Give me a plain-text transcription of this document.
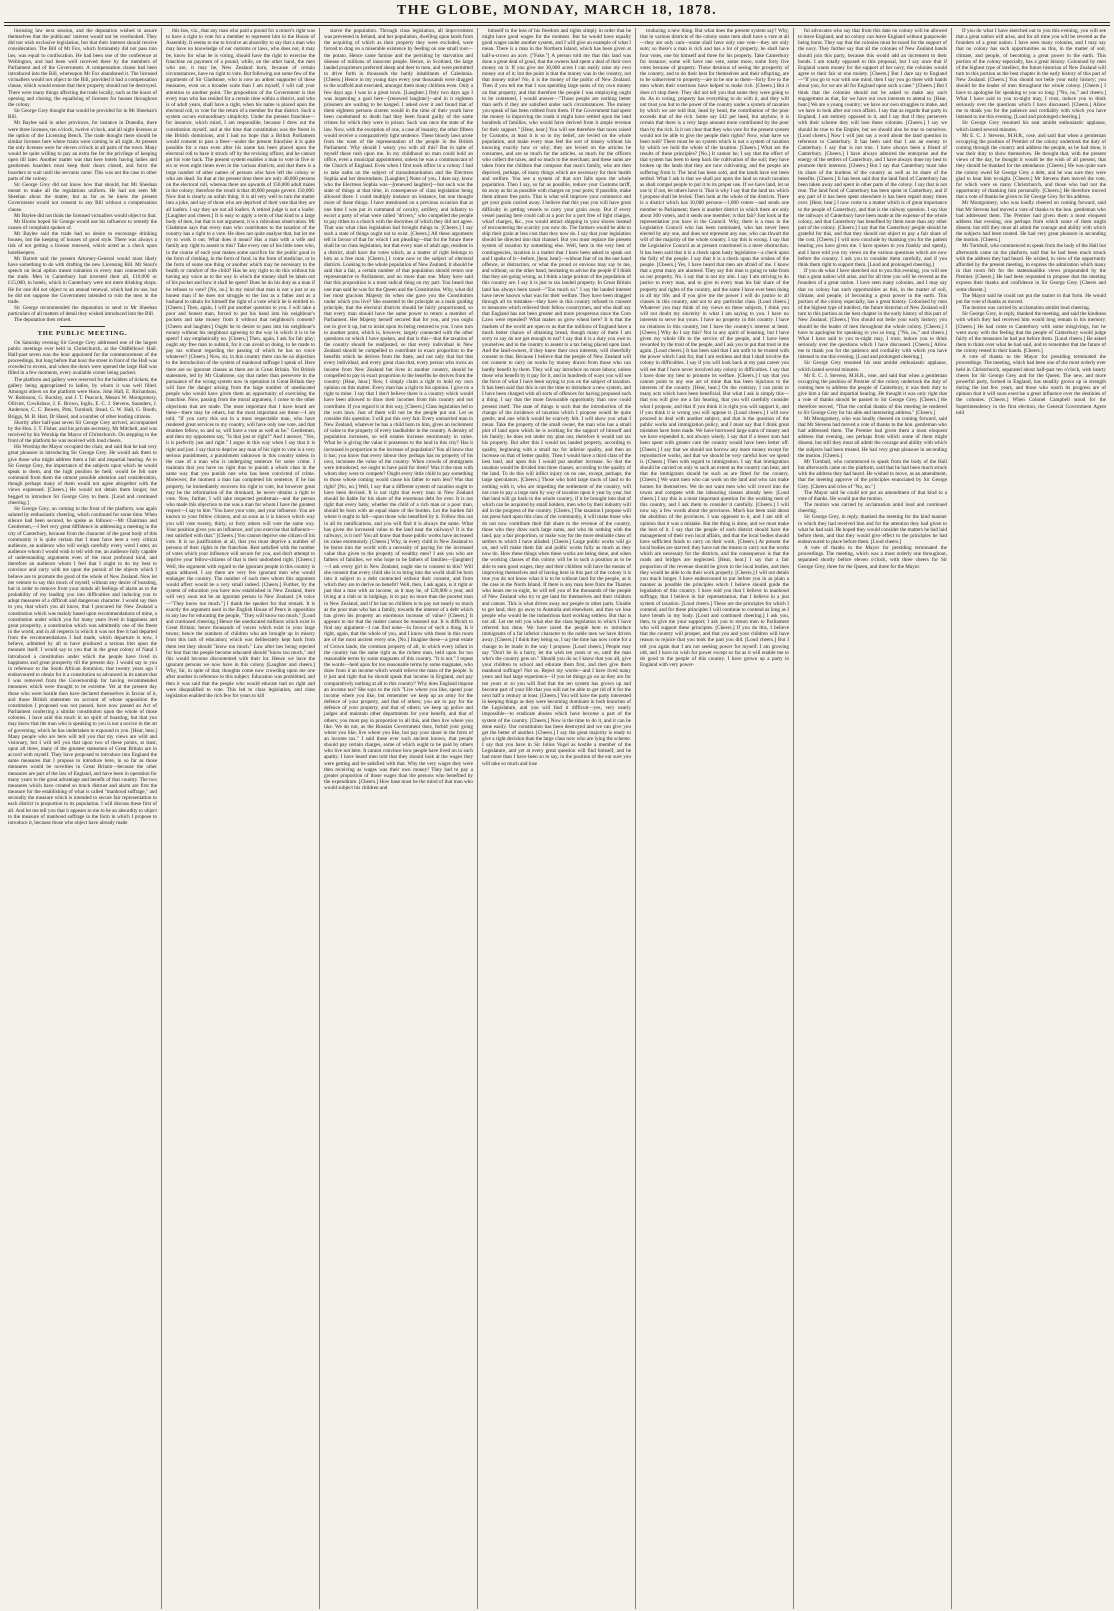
THE GLOBE, MONDAY, MARCH 18, 1878.

licensing law next session, and the deputation wished to assure themselves that the publicans' interest would not be overlooked. They did not wish exclusive legislation, but that their interest should receive consideration. The Bill of Mr Fox, which fortunately did not pass into law, was equal to confiscation. He had been one of the conference at Wellington, and had been well received there by the members of Parliament and of the Government. A compensation clause had been introduced into the Bill, whereupon Mr Fox abandoned it. The licensed victuallers would not object to the Bill, provided it had a compensation clause, which would ensure that their property should not be destroyed. There were many things affecting the trade locally, such as the hours of opening and closing, the equalising of licenses for houses throughout the colony.

Sir George Grey thought that would be provided for in Mr Sheehan's Bill.

Mr Baylee said in other provinces, for instance in Dunedin, there were three licenses, ten o'clock, twelve o'clock, and all night licenses at the option of the Licensing Bench. The trade thought there should be similar licenses here where trains were coming in all night. At present the only licenses were for eleven o'clock in all parts of the town. Many would be quite willing to pay an extra fee for the privilege of keeping open till later. Another matter was that here hotels having ladies and gentlemen boarders must keep their doors closed, and force the boarders to wait until the servants came. This was not the case in other parts of the colony.

Sir George Grey did not know how that should, but Mr Sheehan meant to make all the regulations uniform. He had not seen Mr Sheehan about the matter, but as far as he knew the present Government would not consent to any Bill without a compensation clause.

Mr Baylee did not think the licensed victuallers would object to that.

Mr Hiorns hoped Sir George would use his influence to remedy the causes of complaint spoken of.

Mr Baylee said the trade had no desire to encourage drinking houses, but the keeping of houses of good style. There was always a risk of not getting a license renewed, which acted as a check upon hotelkeepers.

Mr Barrett said the present Attorney-General would most likely have something to do with drafting the new Licensing Bill. Mr Stout's speech on local option meant ruination to every man connected with the trade. Men in Canterbury had invested their all, £10,000 or £15,000, in hotels, which in Canterbury were not mere drinking shops. He for one did not object to an annual renewal, which had its use, but he did not suppose the Government intended to ruin the men in the trade.

Sir George recommended the deputation to send to Mr Sheehan particulars of all matters of detail they wished introduced into the Bill.

The deputation then retired.

THE PUBLIC MEETING.

On Saturday evening Sir George Grey addressed one of the largest public meetings ever held in Christchurch, at the Oddfellows' Hall. Half-past seven was the hour appointed for the commencement of the proceedings, but long before that hour the street in front of the Hall was crowded to excess, and when the doors were opened the large Hall was filled in a few moments, every available corner being packed.

The platform and gallery were reserved for the holders of tickets, the gallery being appropriated to ladies, by whom it was well filled. Amongst others on the platform were Hons. John Hall, E. Richardson, W. Robinson, G. Buckley, and J. T. Peacock, Messrs W. Montgomery, Ollivier, Cowlishaw, J. E. Brown, Inglis, E. C. J. Stevens, Saunders, J. Anderson, C. C. Bowen, Pitts, Turnbull, Stead, G. W. Hall, G. Booth, Briggs, M. B. Hart, Dr Hasel, and a number of other leading citizens.

Shortly after half-past seven Sir George Grey arrived, accompanied by the Hon. J. T. Fisher, and his private secretary, Mr Mitchell, and was received by his Worship the Mayor of Christchurch. On stepping to the front of the platform he was received with loud cheers.

His Worship the Mayor occupied the chair, and said that he had very great pleasure in introducing Sir George Grey. He would ask them to give those who might address them a fair and impartial hearing. As to Sir George Grey, the importance of the subjects upon which he would speak to them, and the high position he held, would be felt sure command from them the utmost possible attention and consideration, though perhaps many of them would not agree altogether with the views expressed. [Cheers.] He would not detain them longer, but begged to introduce Sir George Grey to them. [Loud and continued cheering.]

Sir George Grey, on coming to the front of the platform, was again saluted by enthusiastic cheering, which continued for some time. When silence had been secured, he spoke as follows:—Mr Chairman and Gentlemen,—I feel very great diffidence in addressing a meeting in the city of Canterbury, because from the character of the great body of this community it is quite certain that I must have here a very critical audience, an audience who will weigh carefully every word I utter, an audience whom I would wish to tell with me, an audience fully capable of understanding arguments even of the most profound kind, and therefore an audience whom I feel that I ought to do my best to convince and carry with me upon the pursuit of the objects which I believe are to promote the good of the whole of New Zealand. Now let me venture to say this much of myself, without any desire of boasting, but in order to remove from your minds all feelings of alarm as to the probability of my leading you into difficulties and inducing you to adopt measures of a difficult and dangerous character. I would say then to you, that which you all know, that I procured for New Zealand a constitution which was mainly based upon recommendations of mine, a constitution under which you for many years lived in happiness and great prosperity, a constitution which was admittedly one of the freest in the world, and in all respects in which it was not free it had departed from the recommendations I had made, which departure is now, I believe, admitted by all to have produced a serious blot upon the measure itself. I would say to you that in the great colony of Natal I introduced a constitution under which the people have lived in happiness and great prosperity till the present day. I would say to you in reference to the South African dominion, that twenty years ago I endeavoured to obtain for it a constitution so advanced in its nature that I was removed from the Governorship for having recommended measures which were thought to be extreme. Yet at the present day those who were hostile then have declared themselves in favour of it, and those British statesmen on account of whose opposition the constitution I proposed was not passed, have now passed an Act of Parliament conferring a similar constitution upon the whole of those colonies. I have said this much in no spirit of boasting, but that you may know that the man who is speaking to you is not a novice in the art of governing, which he has undertaken to expound to you. [Hear, hear.] Many people who are here will tell you that my views are wild and visionary, but I will tell you that upon two of these points, at least, upon all three, many of the greatest statesmen of Great Britain are in accord with myself. They have proposed to introduce into England the same measures that I propose to introduce here, in so far as those measures would be novelties in Great Britain—because the other measures are part of the law of England, and have been in operation for many years to the great advantage and benefit of that country. The two measures which have created so much distrust and alarm are first the measure for the establishing of what is called "manhood suffrage," and secondly the measure which is intended to secure fair representation to each district in proportion to its population. I will discuss these first of all. And let me tell you that it appears to me to be an absurdity to object to the measure of manhood suffrage in the form in which I propose to introduce it, because those who object have already made

this law, viz., that any man who paid a pound for a miner's right was to have a right to vote for a member to represent him in the House of Assembly. It seems to me to involve an absurdity to say that a man who may have no knowledge of our customs or laws, who does not, it may be, know for what he is voting, should have the right to exercise the franchise on payment of a pound, while, on the other hand, the men who are, it may be, New Zealand born, because of certain circumstances, have no right to vote. But following out some few of the arguments of Sir Gladstone, who is now an ardent supporter of these measures, even on a broader scale than I am myself, I will call your attention to another point. The proposition of the Government is that every man who has resided for a certain time within a district, and who is of adult years, shall have a right, when his name is placed upon the electoral roll, to vote for the return of a member for that district. Such a system occurs extraordinary simplicity. Under the present franchise—for instance, which mind, I am responsible, because I drew out the constitution myself, and at the time that constitution was the freest in the British dominions, and I had no hope that a British Parliament would consent to pass a freer—under the present franchise it is quite possible for a man even after his name has been placed upon the electoral roll to have it struck off by the revising officer, and he cannot get his vote back. The present system enables a man to vote in five or six or even eight times even in the various districts, and that there is a large number of other names of persons who have left the colony or who are dead. So that at the present time there are only 40,000 persons on the electoral roll, whereas there are upwards of 150,000 adult males in the colony; therefore the result is that 40,000 people govern 150,000. Now that is clearly an unfair thing. It is all very well to turn the matter into a joke, and say of those who are deprived of their vote that they are all loafers. I say they are not all loafers. A retired judge is not a loafer. [Laughter and cheers.] It is easy to apply a term of that kind to a large body of men, but that is not argument, it is a ridiculous observation. Mr Gladstone says that every man who contributes to the taxation of the country has a right to a vote. He does not quite analyse that, but let me try to work it out. What does it mean? Has a man with a wife and family any right to assent to this? Take every one of his little ones who, in the course of each year makes some sacrifice for the public good in the form of clothing, in the form of food, in the form of medicine, or in the form of some one thing or another which may be necessary to the health or comfort of the child? Has he any right to do this without his having any voice as to the way in which the money shall be taken out of his pocket and how it shall be spent? Does he do his duty as a man if he refuses to vote? [No, no.] In my mind that man is not a just or an honest man if he does not struggle to the last as a father and as a husband to obtain for himself the right of a vote which he is entitled to. [Cheers.] Then, again, I will put another question to you. I will take a poor and honest man, forced to put his hand into his neighbour's pockets and take money from it without that neighbour's consent? [Cheers and laughter.] Ought he to desire to pass into his neighbour's money without his neighbour agreeing to the way in which it is to be spent? I say emphatically no. [Cheers.] Then, again, I ask for fair play; ought any free man to submit, for it can avoid so doing, to be made to pay tax without regarding the passing of which he has no voice whatever? [Cheers.] Now, sir, in this country there can be no objection to the introduction of the system of manhood suffrage I speak of. Here there are no ignorant classes as there are in Great Britain. Yet British statesmen, led by Mr Gladstone, say that rather than persevere in the pursuance of the wrong system now in operation in Great Britain they will face the danger arising from the large number of uneducated people who would have given them an opportunity of exercising the franchise. Now, passing from the moral argument, I come to the other objections that are made. The most important that I have heard are these—there may be others, but the most important are these:—I am told, "If you carry this out in a most respectable man, who have rendered great services to my country, will have only one vote, and that drunken fellow, so and so, will have a vote as well as he." Gentlemen, and then my opponents say, "Is that just or right?" And I answer, "Yes, it is perfectly just and right." I argue in this way when I say that it is right and just. I say that to deprive any man of his right to vote is a very serious punishment, a punishment unknown in this country unless in the case of a man who is undergoing sentence for some crime. I maintain that you have no right thus to punish a whole class in the same way that you punish one who has been convicted of crime. Moreover, the moment a man has completed his sentence, if he has property, he immediately recovers his right to vote, but however great may be the reformation of the drunkard, he never obtains a right to vote. Now, further, I will take respected gentleman—and the person who made this objection to me was a man for whom I have the greatest respect—I say to him "You have your vote, and your influence. You are known to your fellow citizens, and as soon as it is known which way you will vote twenty, thirty, or forty others will vote the same way. Your position gives you an influence, and you exercise that influence—rest satisfied with that." [Cheers.] You cannot deprive one citizen of his vote. It is no justification at all, that you must deprive a number of persons of their rights to the franchise. Rest satisfied with the number of votes which your influence will secure for you, and don't attempt to deprive your fellow-citizens of that is their undoubted right. [Cheers.] Well, the argument with regard to the ignorant people in this country is again adduced. I say there are very few ignorant men who would endanger the country. The number of such men whom this argument would affect would be a very small indeed. [Cheers.] Further, by the system of education you have now established in New Zealand, there will very soon not be an ignorant person in New Zealand. [A voice—"They know too much."] I thank the speaker for that remark. It is exactly the argument used in the English House of Peers in opposition to any law for educating the people, "They will know too much." [Loud and continued cheering.] Hence the uneducated millions which exist in Great Britain; hence thousands of voices which exist in your large towns; hence the numbers of children who are brought up in misery from this lack of education; which was deliberately kept back from them lest they should "know too much." Law after law being rejected for fear that the people become educated should "know too much," and this would become discontented with their lot. Hence we have the ignorant persons we now have in this colony [Laughter and cheers.] Why, Sir, in spite of that, thoughts come now crowding upon me one after another in reference to this subject. Education was prohibited, and then it was said that the people who would educate had no right and were disqualified to vote. This led to class legislation, and class legislation enabled the rich few for years to kill

starve the population. Through class legislation, all improvement was prevented in Ireland, and her population, dwelling upon lands from the acquiring of which as their property they were excluded, were forced to drag on a miserable existence by feeding on one small root—the potato. Hence came famine and the perishing by starvation and disease of millions of innocent people. Hence, in Scotland, the large landed proprietors preferred sheep and deer to men, and were permitted to drive forth in thousands the hardy inhabitants of Caledonia. [Cheers.] Hence in my young days every year thousands were dragged to the scaffold and executed, amongst them many children even. Only a few days ago I was in a great town. [Laughter.] Only two days ago I was inspecting a gaol here—[renewed laughter]—and in it eighteen prisoners are waiting to be hanged. I asked over it and found that of them eighteen persons sixteen would in the time of their youth have been condemned to death had they been found guilty of the same crimes for which they were in prison. Such was once the state of the law. Now, with the exception of one, a case of insanity, the other fifteen would receive a comparatively light sentence. These bloody laws arose from the want of the representation of the people in the British Parliament. Why should I weary you with all this? But in spite of myself these rush upon me. In my childhood no man could hold an office, even a municipal appointment, unless he was a communicant of the Church of England. Even when I first took office in a colony I had to take oaths on the subject of transubstantiation and the Electress Sophia and her descendants. [Laughter.] None of you, I dare say, know who the Electress Sophia was—[renewed laughter]—but such was the state of things at that time, in consequence of class legislation being allowed there. I could multiply instance on instance, but one thought more of these things. I have mentioned on a previous occasion that at one time I was put in command of cavalry, artillery, and infantry to escort a party of what were called "drivers," who compelled the people to pay tithes to a church with the doctrines of which they did not agree. That was what class legislation had brought things to. [Cheers.] I say such a state of things ought not to exist. [Cheers.] All these arguments tell in favour of that for which I am pleading—that for the future there shall be no class legislation, but that every man of adult age, resident in a district, shall have the votes which, as a matter of right belongs to him as a free man. [Cheers.] I come now to the subject of electoral districts. Looking to the whole population of New Zealand, it should be said that a fair, a certain number of that population should return one representative to Parliament, and no more than one. Many have said that this proposition is a most radical thing on my part. You heard that one man said he was for the Queen and the Constitution. Why, what did her most gracious Majesty do when she gave you the Constitution under which you live? She assented to the principle as a main guiding principle, that the electoral districts should be fairly proportioned, so that every man should have the same power to return a member of Parliament. Her Majesty herself secured that for you, and you ought not to give it up, but to insist upon its being restored to you. I now turn to another point, which is, however, largely connected with the other questions on which I have spoken, and that is this—that the taxation of the country should be readjusted, so that every individual in New Zealand should be compelled to contribute in exact proportion to the benefits which he derives from the State, and not only that but that every individual, and every great class that, every person who owns an income from New Zealand but lives in another country, should be compelled to pay in exact proportion to the benefits he derives from the country. [Hear, hear.] Now, I simply claim a right to hold my own opinion on this matter. Every man has a right to his opinion. I give no a right to mine. I say that I don't believe there is a country which would have been allowed to draw their incomes from this country and not contribute. If you regard it in this way, [Cheers.] Class legislation led to the corn laws. Just of them will not be the people put out. Let us consider this question. I will put this very fair. Every unmarried man in New Zealand, whatever he has a child born to him, gives an incitement of value to the property of every landholder in the country. A density of population increases, so will estates increase enormously in value. What he is giving the value it possesses to the land in this city? Has it increased in proportion to the increase of population? You all know that it has; you know that every labour they perhaps has no property of his own, increases the value of the country. When crowds of immigrants were introduced, we ought to have paid for them? Was it the man with whom they were to compete? Ought every little child to pay something to those whose coming would cause his father to earn less? Was that right? [No, no.] Well, I say that a different system of taxation ought to have been devised. It is not right that every man in New Zealand should be liable for his share of the enormous debt for ever. It is not right that every baby, whether the child of a rich man or a poor man, should be born with an equal share of the burden. Let the burden fall where it ought to fall—upon those who benefited by it. Follow this out in all its ramifications, and you will find it is always the same. What has given the increased value to the land near the railways? It is the railways, is it not? You all know that those public works have increased its value enormously. [Cheers.] Why, in every child in New Zealand to be borne into the world with a necessity of paying for the increased value thus given to the property of wealthy men? I ask you who are fathers of families, we who hope to be fathers of families—[laughter]—I ask every girl in New Zealand, ought she to consent to this? Will she consent that every child she is to bring into the world shall be born into it subject to a debt contracted without their consent, and from which they are to derive no benefit? Well, then, I ask again, is it right or just that a man with an income, as it may be, of £20,000 a year, and living at a club or in lodgings, is to pay no more than the poorest man in New Zealand, and if he has no children is to pay not nearly so much as the poor man who has a family, towards the interest of a debt which has given his property an enormous increase of value? [Cheers.] It appears to me that the matter cannot be reasoned out. It is difficult to find any argument—I can find none—in favour of such a thing. Is it right, again, that the whole of you, and I know with those in this room are of the most ancient every one, [No.] Imagine these—a great estate of Crown lands, the common property of all, in which every infant in the country has the same right as the richest man, held upon far too reasonable terms by some magnates of this country. "It is not." I repeat the words—held upon for too reasonable terms by some magnates, who draw from it an income which would relieve the mass of the people. Is it just and right that he should speak that income in England, and pay comparatively nothing at all to this country? Why does England impose an income tax? She says to the rich "Live where you like, spend your income where you like, but remember we keep up an army for the defence of your property, and that of others; you are to pay for the defence of your property, and that of others; we keep up police and judges and maintain other departments for your benefit, and that of others; you must pay in proportion to all this, and then live where you like. We do not, as the Russian Government does, forbid your going where you like; live where you like, but pay your share in the form of an income tax." I said these ever such ancient known, that people should pay certain charges, some of which ought to be paid by others who live not here. It cannot convince how people have lived on in such apathy. I have heard men told that they should look at the wages they were getting and be satisfied with that. Why the very wages they were then receiving as wages was their own money! They had to pay a greater proportion of those wages than the persons who benefited by the expenditure. [Cheers.] How base must be the mind of that man who would subject his children and

himself to the loss of his freedom and rights simply in order that he might have good wages for the moment. But he would have equally good wages under another system, and I will give an example of what I mean. There is a man in the Northern Island, which has been given at half-a-crown an acre. ["Fake."] A person told me that this land was done a great deal of good, that the owners had spent a deal of their own money on it. If you give me 30,000 acres I can easily raise my own money out of it; but the point is that the money was in the country, not that money mine? No, it is the money of the public of New Zealand. Then if you tell me that I was spending large sums of my own money on that property, and that therefore the people I was employing ought to be contented, I would answer—"Those people are nothing better than serfs if they are satisfied under such circumstances. The money you speak of has been robbed from them. If the Government had spent the money in improving the roads it might have settled upon the land hundreds of families, who would have derived from it ample revenue for their support." [Hear, hear.] You will see therefore that taxes raised by Customs, at least it is so in my belief, are levied on the whole population, and make every man feel the sort of misery without his knowing exactly how or why; they are levied on the articles he consumes, and are so much for the articles, so much for the officers who collect the taxes, and so much to the merchant; and these sums are taken from the children that compose that man's family, who are then deprived, perhaps, of many things which are necessary for their health and welfare. You see a system of that sort falls upon the whole population. Then I say, so far as possible, reduce your Customs tariff, do away as far as possible with charges on your ports; if possible, make them almost free ports. That is what will improve your commerce and get your grain carried away. I believe that this year you will have great difficulty in getting vessels to carry your grain away. But if every vessel passing here could call at a port for a port free of light charges, wharf charges, &c., you would attract shipping to your shores instead of encountering the scarcity you now do. The farmers would be able to ship their grain at less cost than they now do. I say that your legislation should be directed into that channel. But you must replace the present system of taxation by something else. Well, here in the very best of contingencies, taxation is a matter that I have been asked to speak out and I spoke of it—before, [hear, hear]—without fear of on the one hand offence, or distraction, or what the proud or envious may say to me, and without, on the other hand, hesitating to advise the people if I think that they are going wrong, as I think a large portion of the population of this country are. I say it is just to tax landed property. In Great Britain land has always been taxed—"Too much so." I say the landed interest have never known what was for their welfare. They have been dragged through all its mistakes—they have in this country refused to consent to measures which relieved their fellow countrymen, and who shall say that England has not been greater and more prosperous since the Corn Laws were repealed? What makes us grow wheat here? It is that the markets of the world are open to us that the millions of England have a much better chance of obtaining bread, though many of them I am sorry to say do not get enough to eat? I say that it is a duty you owe to yourselves and to the country to assent to a tax being placed upon land. And the land-owners, if they knew their own interests, will cheerfully consent to that. Because I believe that the people of New Zealand will not consent to carry on works by money drawn from those who can hardly benefit by them. They will say introduce no more labour, unless those who benefit by it pay for it, and in hundreds of ways you will see the force of what I have been saying to you on the subject of taxation. It has been said that this is not the time to introduce a new system, and I have been charged with all sorts of offences for having proposed such a thing. I say that the more favourable opportunity than now could present itself. The state of things is such that the introduction of the change of the incidence of taxation which I propose would be quite gentle, and one which would be scarcely felt. I will show you what I mean. Take the property of the small owner, the man who has a small plot of land upon which he is working for the support of himself and his family; he does not under my plan out, therefore it would not tax his property. But after this I would tax landed property, according to quality, beginning with a small tax for inferior quality, and then an increase on that of better quality. Then I would have a third class of the best land, and upon this I would put another increase. So that the taxation would be divided into three classes, according to the quality of the land. To do this will inflict injury on no one, except, perhaps, the large speculators. [Cheers.] Those who hold large tracts of land to do nothing with it, who are impeding the settlement of the country, will not care to pay a large sum by way of taxation upon it year by year, but that land will go back to the whole country, if it be brought into that of which can be acquired by small holders, men who by their industry will aid in the progress of the country. [Cheers.] The taxation I propose will not press hard upon this class of the community, it will make those who do not now contribute their fair share to the revenue of the country, those who they draw such large sums, and who do nothing with the land, pay a fair proportion, or make way for the more desirable class of settlers to which I have alluded. [Cheers.] Large public works will go on, and will make them fair and public works fully as much as they now do. How these things when these works are being done, and when the working classes of this colony will be in such a position as to be able to earn good wages, they and their children will have the means of improving themselves and of having here in this part of the colony it is true you do not know what it is to be without land for the people, as is the case in the North Island. If there is any man here from the Thames who hears me to-night, he will tell you of the thousands of the people of New Zealand who try to get land for themselves and their children and cannot. This is what drives away our people to other parts. Unable to get land, they go away to Australia and elsewhere, and thus we lose people who would be the industrious hard working settlers. But that is not all. Let me tell you what else the class legislation to which I have referred has done. We have taxed the people here to introduce immigrants of a far inferior character to the noble men we have driven away. [Cheers.] I think they being so, I say the time has now come for a change to be made in the way I propose. [Loud cheers.] People may say "Don't be in a hurry, let the wish ten years or so, until the man who's the country gets on." Should you do so I know that you all, give your children to school and educate them first, and then give them manhood suffrage? Not so. Reject my words—and I have lived many years and had large experience—if you let things go on as they are for ten years or so you will find that the ten system has grown up and become part of your life that you will not be able to get rid of it for the next half a century at least. [Cheers.] You will have the party interested in keeping things as they were becoming dominant in both branches of the Legislature, and you will find it difficult—yes, very nearly impossible—to eradicate abuses which have become a part of the system of the country. [Cheers.] Now is the time to do it, and it can be done easily. Our constitution has been destroyed and we can give you get the better of another. [Cheers.] I say the great majority is ready to give a right decision than the large class now who are lying the scheme. I say that you have in Sir Julius Vogel as hostile a member of the Legislature, and yet at every great question will find himself, and he had more than I have been so to say, in the position of the ear sure you will take so much and lose

troducing a new thing. But what does the present system say? Why, that in various districts of the colony some men shall have a vote at all—they are only sum—some shall have only one vote—they are only sum; so there's a man is rich and has a lot of property, he shall have four votes, one for himself and three for his property. Take Canterbury for instance; some will have one vote, some more, some forty five votes because of property. Those desirous of seeing the prosperity of the country, and to do their best for themselves and their offspring, are to be subservient to property—are to be one to them—forty five to the men whom their exertions have helped to make rich. [Cheers.] But it does n't stop there. They did not tell you that some they were going to do. As to voting, property has everything to do with it, and they will not trust you but to the power of the country under a system of taxation by which we are told that, head by head, the contribution of the poor exceeds that of the rich. Some say £42 per head, but anyhow, it is certain that there is a very large amount more contributed by the poor than by the rich. Is it not clear that they who vote for the present system would not be able to give the people their rights? Now, what have we been told? There must be no system which is not a system of taxation by which we hold the whole of the taxation. [Cheers.] What are the results of these principles? [No.] It cannot be; I say that the effect of that system has been to keep back the cultivation of the soil; they have broken up the lands that they are now cultivating, and the people are suffering from it. The land has been sold, and the lands have not been settled. What I ask is that we shall put upon the land so much taxation as shall compel people to put it to its proper use. If we have land, let us use it; if not, let others have it. That is why I say that the land tax which I propose shall be levied. Then look at the whole of the districts. There is a district which has 10,000 persons—1,000 voters—and sends one member to Parliament; there is another district in which there are only about 300 voters, and it sends one member; is that fair? Just look at the representation you have in the Council. Why, there is a man in the Legislative Council who has been nominated, who has never been elected by any one, and does not represent any one, who can thwart the will of the majority of the whole country. I say this is wrong. I say that the Legislative Council as at present constituted is a mere obstruction. It has been said that it is a check upon hasty legislation—a check upon the folly of the people. I say that it is a check upon the wishes of the people. [Cheers.] Yes, I have heard that men are afraid of me. I know that a great many are alarmed. They say this man is going to take from us our property. No. I say that is not my aim. I say I am striving to do justice to every man, and to give to every man his fair share of the property and rights of the country, and the same I have ever been doing in all my life; and if you give me the power I will do justice to all classes in this country, and not to any particular class. [Loud cheers.] Whatever you may think of my views on these subjects, I think you will not doubt my sincerity in what I am saying to you. I have no interests to serve but yours. I have no property in this country. I have no relations in this country, but I have the country's interest at heart. [Cheers.] Why do I say this? Not in any spirit of boasting, but I have given my whole life to the service of the people, and I have been rewarded by the trust of the people, and I ask you to put that trust in me again. [Loud cheers.] It has been said that I am unfit to be trusted with the power which I ask for, that I am reckless and that I shall involve the colony in difficulties. I say if you will look back at my past career you will see that I have never involved any colony in difficulties. I say that I have done my best to promote its welfare. [Cheers.] I say that you cannot point to any one act of mine that has been injurious to the interests of the country. [Hear, hear.] On the contrary, I can point to many acts which have been beneficial. But what I ask is simply this—that you will give me a fair hearing, that you will carefully consider what I propose, and that if you think it is right you will support it, and if you think it is wrong you will oppose it. [Loud cheers.] I will now proceed to deal with another subject, and that is the question of the public works and immigration policy, and I must say that I think great mistakes have been made. We have borrowed large sums of money and we have expended it, not always wisely. I say that if a lesser sum had been spent with greater care the country would have been better off. [Cheers.] I say that we should not borrow any more money except for reproductive works, and that we should be very careful how we spend it. [Cheers.] Then with regard to immigration. I say that immigration should be carried on only to such an extent as the country can bear, and that the immigrants should be such as are fitted for the country. [Cheers.] We want men who can work on the land and who can make homes for themselves. We do not want men who will crowd into the towns and compete with the labouring classes already here. [Loud cheers.] I say this is a most important question for the working men of this country, and I ask them to consider it carefully. [Cheers.] I will now say a few words about the provinces. Much has been said about the abolition of the provinces. I was opposed to it, and I am still of opinion that it was a mistake. But the thing is done, and we must make the best of it. I say that the people of each district should have the management of their own local affairs, and that the local bodies should have sufficient funds to carry on their work. [Cheers.] At present the local bodies are starved; they have not the means to carry out the works which are necessary for the districts, and the consequence is that the roads and bridges are neglected. [Hear, hear.] I say that a fair proportion of the revenue should be given to the local bodies, and then they would be able to do their work properly. [Cheers.] I will not detain you much longer. I have endeavoured to put before you in as plain a manner as possible the principles which I believe should guide the legislation of this country. I have told you that I believe in manhood suffrage, that I believe in fair representation, that I believe in a just system of taxation. [Loud cheers.] These are the principles for which I contend, and for these principles I will continue to contend as long as I have breath in my body. [Loud and continued cheering.] I ask you, then, to give me your support; I ask you to return men to Parliament who will support these principles. [Cheers.] If you do this, I believe that the country will prosper, and that you and your children will have reason to rejoice that you took the part you did. [Loud cheers.] But I tell you again that I am not seeking power for myself. I am growing old, and I have no wish for power except so far as it will enable me to do good to the people of this country. I have grown up a party in England with very power-

ful advocates who say that from this date no colony will be allowed to leave England, and no colony can leave England without gunpowder being burnt. They say that the colonies must be taxed for the support of the navy. They further say that all the colonies of New Zealand hands should join this party, because this would add an increment to their bonds. I am totally opposed to this proposal, but I say once that if England wants money for the support of her navy, the colonies would agree to their fair or one moiety. [Cheers.] But I dare say to England—"If you go to war with one mind, then I say you go there with hands about you, for we are all for England upon such a case." [Cheers.] But I think that the colonies should not be asked to make any such engagement as that, for we have our own interests to attend to. [Hear, hear.] We are a young country; we have our own struggles to make, and we have to look after our own affairs. I say that as regards that party in England, I am entirely opposed to it, and I say that if they persevere with their scheme they will lose these colonies. [Cheers.] I say we should be true to the Empire, but we should also be true to ourselves. [Loud cheers.] Now I will just say a word about the land question in reference to Canterbury. It has been said that I am an enemy to Canterbury. I say that is not true. I have always been a friend of Canterbury. [Cheers.] I have always admired the enterprise and the energy of the settlers of Canterbury, and I have always done my best to promote their interests. [Cheers.] But I say that Canterbury must take its share of the burdens of the country as well as its share of the benefits. [Cheers.] It has been said that the land fund of Canterbury has been taken away and spent in other parts of the colony. I say that is not true. The land fund of Canterbury has been spent in Canterbury, and if any part of it has been spent elsewhere it has been repaid many times over. [Hear, hear.] I now come to a matter which is of great importance to the people of Canterbury, and that is the railway question. I say that the railways of Canterbury have been made at the expense of the whole colony, and that Canterbury has benefited by them more than any other part of the colony. [Cheers.] I say that the Canterbury people should be grateful for this, and that they should not object to pay a fair share of the cost. [Cheers.] I will now conclude by thanking you for the patient hearing you have given me. I have spoken to you frankly and openly, and I have told you my views on the various questions which are now before the country. I ask you to consider them carefully, and if you think them right to support them. [Loud and prolonged cheering.]

If you do what I have sketched out to you this evening, you will see that a great nation will arise, and for all time you will be revered as the founders of a great nation. I have seen many colonies, and I may say that no colony has such opportunities as this, in the matter of soil, climate, and people, of becoming a great power in the earth. This portion of the colony especially, has a great history. Colonised by men of the highest type of intellect, the future historian of New Zealand will turn to this portion as the best chapter in the early history of this part of New Zealand. [Cheers.] You should not belie your early history; you should be the leader of men throughout the whole colony. [Cheers.] I have to apologise for speaking to you so long. ["No, no," and cheers.] What I have said to you to-night may, I trust, induce you to think seriously over the questions which I have discussed. [Cheers.] Allow me to thank you for the patience and cordiality with which you have listened to me this evening. [Loud and prolonged cheering.]

Sir George Grey resumed his seat amidst enthusiastic applause, which lasted several minutes.

Mr E. C. J. Stevens, M.H.R., rose, and said that when a gentleman occupying the position of Premier of the colony undertook the duty of coming here to address the people of Canterbury, it was their duty to give him a fair and impartial hearing. He thought it was only right that a vote of thanks should be passed to Sir George Grey. [Cheers.] He therefore moved, "That the cordial thanks of this meeting be tendered to Sir George Grey for his able and interesting address." [Cheers.]

Mr Montgomery, who was loudly cheered on coming forward, said that Mr Stevens had moved a vote of thanks to the hon. gentleman who had addressed them. The Premier had given them a most eloquent address that evening, one perhaps from which some of them might dissent, but still they must all admit the courage and ability with which the subjects had been treated. He had very great pleasure in seconding the motion. [Cheers.]

Mr Turnbull, who commenced to speak from the body of the Hall but afterwards came on the platform, said that he had been much struck with the address they had heard. He wished to move, as an amendment, that the meeting approve of the principles enunciated by Sir George Grey. [Cheers and cries of "No, no."]

The Mayor said he could not put an amendment of that kind to a vote of thanks. He would put the motion.

The motion was carried by acclamation amid loud and continued cheering.

Sir George Grey, in reply, thanked the meeting for the kind manner in which they had received him and for the attention they had given to what he had said. He hoped they would consider the matters he had laid before them, and that they would give effect to the principles he had endeavoured to place before them. [Loud cheers.]

A vote of thanks to the Mayor for presiding terminated the proceedings. The meeting, which was a most orderly one throughout, separated shortly before eleven o'clock, with three cheers for Sir George Grey, three for the Queen, and three for the Mayor.

If you do what I have sketched out to you this evening, you will see that a great nation will arise, and for all time you will be revered as the founders of a great nation. I have seen many colonies, and I may say that no colony has such opportunities as this, in the matter of soil, climate, and people, of becoming a great power in the earth. This portion of the colony especially, has a great history. Colonised by men of the highest type of intellect, the future historian of New Zealand will turn to this portion as the best chapter in the early history of this part of New Zealand. [Cheers.] You should not belie your early history; you should be the leader of men throughout the whole colony. [Cheers.] I have to apologise for speaking to you so long. ["No, no," and cheers.] What I have said to you to-night may, I trust, induce you to think seriously over the questions which I have discussed. [Cheers.] Allow me to thank you for the patience and cordiality with which you have listened to me this evening. [Loud and prolonged cheering.]

Sir George Grey resumed his seat amidst enthusiastic applause, which lasted several minutes.

Mr E. C. J. Stevens, M.H.R., rose, and said that when a gentleman occupying the position of Premier of the colony undertook the duty of coming through the country and address the people, as he had done, it was their duty to show themselves. He thought that, with the present views of the day, he thought it would be the wish of all present, that they should be thanked for the attendance. [Cheers.] He was quite sure the colony owed Sir George Grey a debt, and he was sure they were glad to hear him to-night. [Cheers.] Mr Stevens then moved the vote, for which were so many Christchurch, and those who had not the opportunity of thanking him personally. [Cheers.] He therefore moved that a vote of thanks be given to Sir George Grey for his address.

Mr Montgomery, who was loudly cheered on coming forward, said that Mr Stevens had moved a vote of thanks to the hon. gentleman who had addressed them. The Premier had given them a most eloquent address that evening, one perhaps from which some of them might dissent, but still they must all admit the courage and ability with which the subjects had been treated. He had very great pleasure in seconding the motion. [Cheers.]

Mr Turnbull, who commenced to speak from the body of the Hall but afterwards came on the platform, said that he had been much struck with the address they had heard. He wished, in view of the opportunity afforded by the present meeting, to express the admiration which many in that room felt for the statesmanlike views propounded by the Premier. [Cheers.] He had been requested to propose that the meeting express their thanks and confidence in Sir George Grey. [Cheers and some dissent.]

The Mayor said he could not put the matter in that form. He would put the vote of thanks as moved.

The motion was carried by acclamation amidst loud cheering.

Sir George Grey, in reply, thanked the meeting, and said the kindness with which they had received him would long remain in his memory. [Cheers.] He had come to Canterbury with some misgivings, but he went away with the feeling that the people of Canterbury would judge fairly of the measures he had put before them. [Loud cheers.] He asked them to think over what he had said, and to remember that the future of the colony rested in their hands. [Cheers.]

A vote of thanks to the Mayor for presiding terminated the proceedings. The meeting, which had been one of the most orderly ever held in Christchurch, separated about half-past ten o'clock, with hearty cheers for Sir George Grey and for the Queen. The new, and more powerful party, formed in England, has steadily grown up in strength during the last few years, and those who watch its progress are of opinion that it will soon exercise a great influence over the destinies of the colonies. [Cheers.] When Colonel Campbell stood for the Superintendency in the first election, the General Government Agent told
